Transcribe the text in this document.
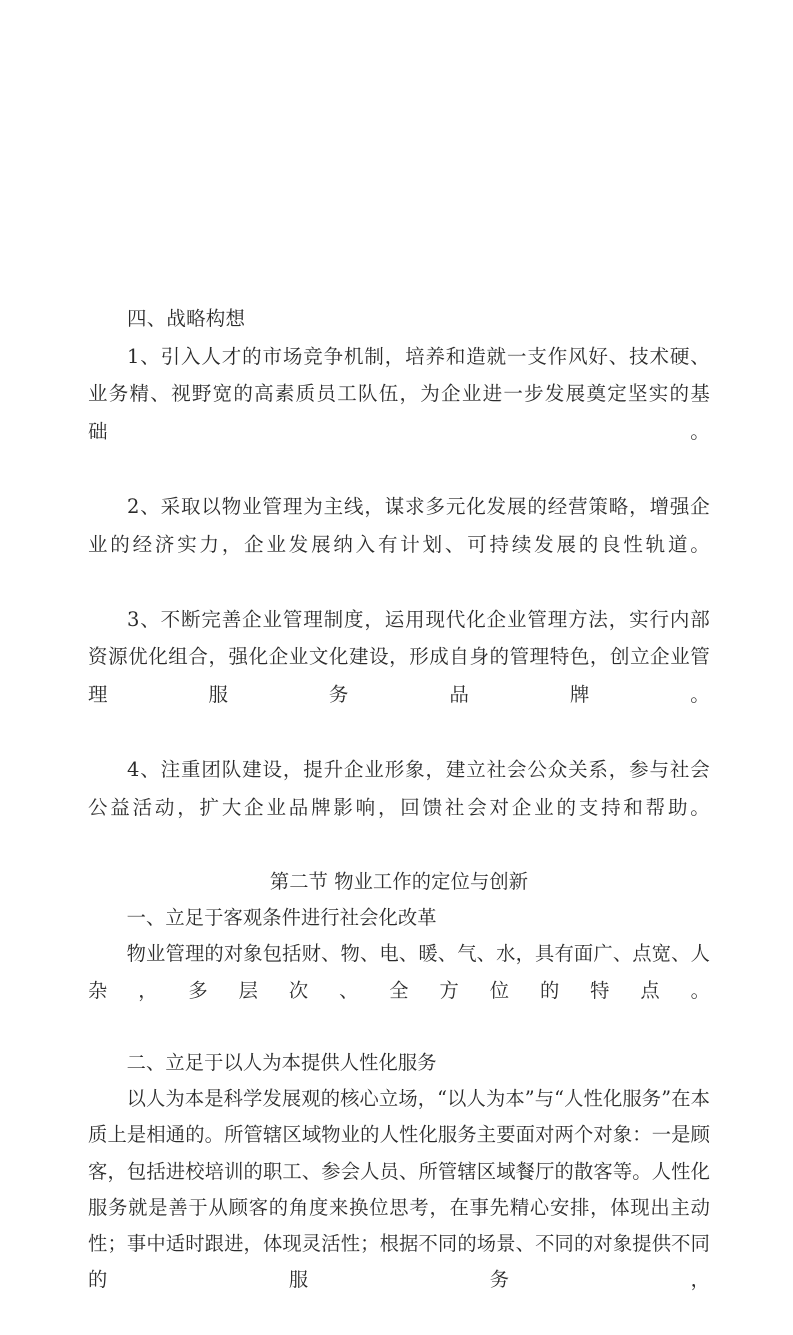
四、战略构想

1、引入人才的市场竞争机制，培养和造就一支作风好、技术硬、业务精、视野宽的高素质员工队伍，为企业进一步发展奠定坚实的基础。

2、采取以物业管理为主线，谋求多元化发展的经营策略，增强企业的经济实力，企业发展纳入有计划、可持续发展的良性轨道。

3、不断完善企业管理制度，运用现代化企业管理方法，实行内部资源优化组合，强化企业文化建设，形成自身的管理特色，创立企业管理服务品牌。

4、注重团队建设，提升企业形象，建立社会公众关系，参与社会公益活动，扩大企业品牌影响，回馈社会对企业的支持和帮助。

第二节 物业工作的定位与创新

一、立足于客观条件进行社会化改革

物业管理的对象包括财、物、电、暖、气、水，具有面广、点宽、人杂，多层次、全方位的特点。

二、立足于以人为本提供人性化服务

以人为本是科学发展观的核心立场，“以人为本”与“人性化服务”在本质上是相通的。所管辖区域物业的人性化服务主要面对两个对象：一是顾客，包括进校培训的职工、参会人员、所管辖区域餐厅的散客等。人性化服务就是善于从顾客的角度来换位思考，在事先精心安排，体现出主动性；事中适时跟进，体现灵活性；根据不同的场景、不同的对象提供不同的服务，
